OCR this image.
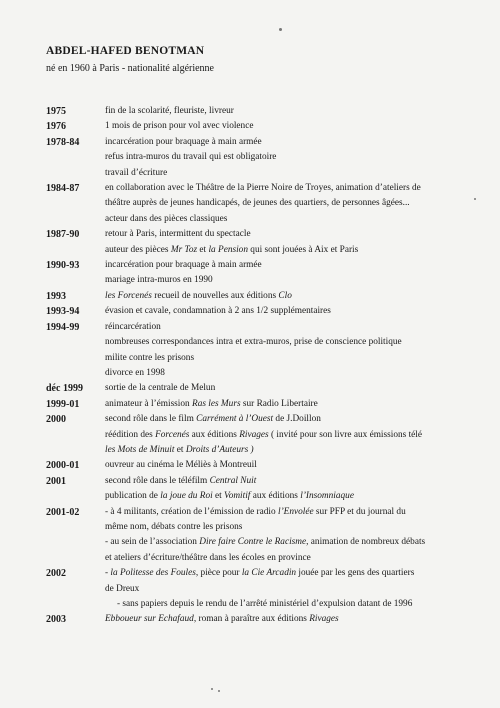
ABDEL-HAFED BENOTMAN
né en 1960 à Paris - nationalité algérienne
1975	fin de la scolarité, fleuriste, livreur
1976	1 mois de prison pour vol avec violence
1978-84	incarcération pour braquage à main armée
refus intra-muros du travail qui est obligatoire
travail d’écriture
1984-87	en collaboration avec le Théâtre de la Pierre Noire de Troyes, animation d’ateliers de
théâtre auprès de jeunes handicapés, de jeunes des quartiers, de personnes âgées...
acteur dans des pièces classiques
1987-90	retour à Paris, intermittent du spectacle
auteur des pièces Mr Toz et la Pension qui sont jouées à Aix et Paris
1990-93	incarcération pour braquage à main armée
mariage intra-muros en 1990
1993	les Forcenés recueil de nouvelles aux éditions Clo
1993-94	évasion et cavale, condamnation à 2 ans 1/2 supplémentaires
1994-99	réincarcération
nombreuses correspondances intra et extra-muros, prise de conscience politique
milite contre les prisons
divorce en 1998
déc 1999 sortie de la centrale de Melun
1999-01	animateur à l’émission Ras les Murs sur Radio Libertaire
2000	second rôle dans le film Carrément à l’Ouest de J.Doillon
réédition des Forcenés aux éditions Rivages ( invité pour son livre aux émissions télé
les Mots de Minuit et Droits d’Auteurs )
2000-01	ouvreur au cinéma le Méliès à Montreuil
2001	second rôle dans le téléfilm Central Nuit
publication de la joue du Roi et Vomitif aux éditions l’Insomniaque
2001-02	- à 4 militants, création de l’émission de radio l’Envolée sur PFP et du journal du
même nom, débats contre les prisons
- au sein de l’association Dire faire Contre le Racisme, animation de nombreux débats
et ateliers d’écriture/théâtre dans les écoles en province
2002	- la Politesse des Foules, pièce pour la Cie Arcadin jouée par les gens des quartiers
de Dreux
- sans papiers depuis le rendu de l’arrêté ministériel d’expulsion datant de 1996
2003	Ebboueur sur Echafaud, roman à paraître aux éditions Rivages
